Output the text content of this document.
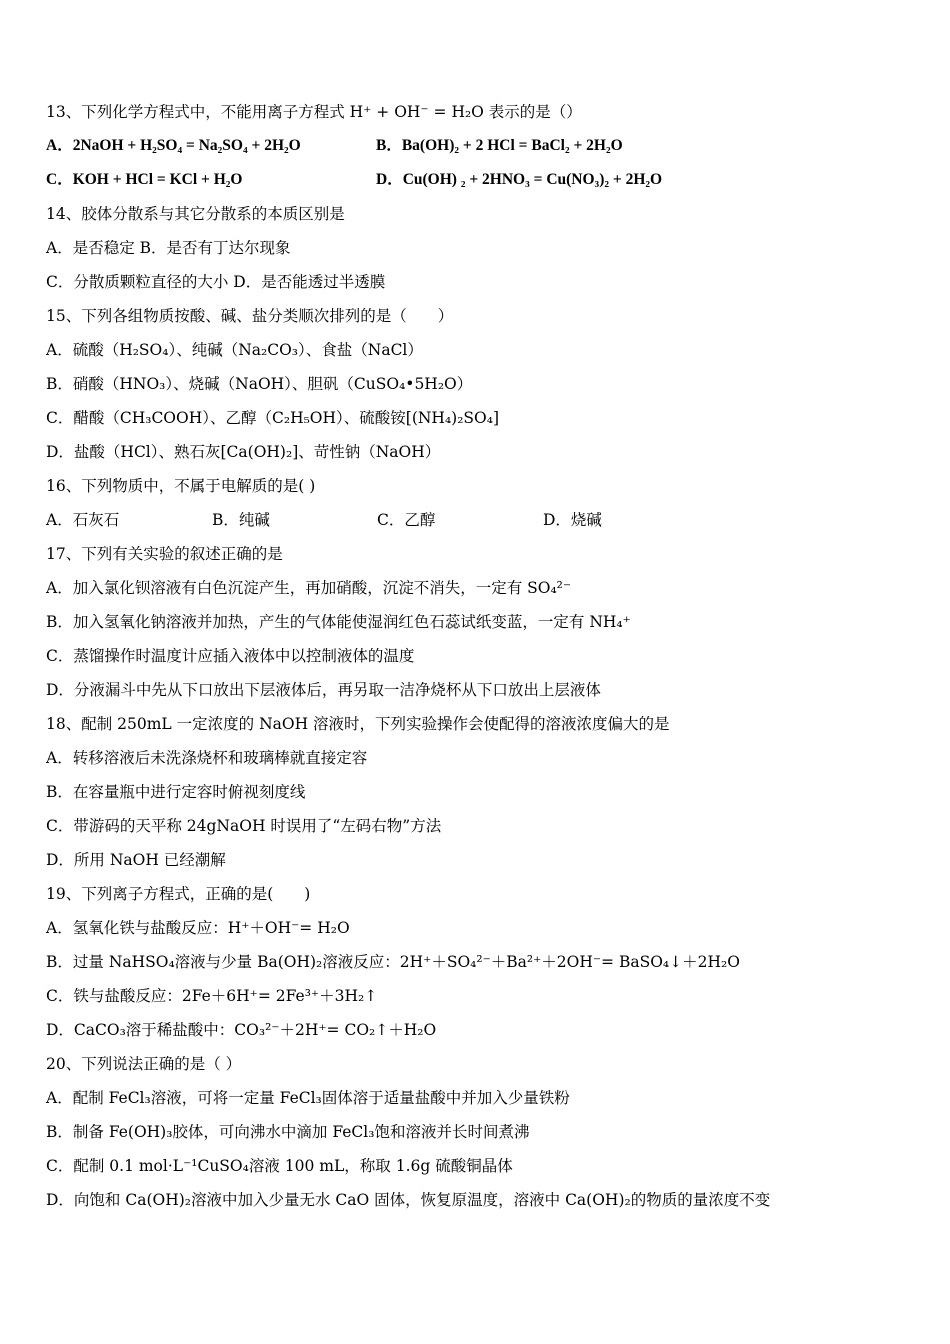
13、下列化学方程式中，不能用离子方程式 H⁺ + OH⁻ = H₂O 表示的是（）
A．2NaOH + H₂SO₄ = Na₂SO₄ + 2H₂O	B．Ba(OH)₂ + 2 HCl = BaCl₂ + 2H₂O
C．KOH + HCl = KCl + H₂O	D．Cu(OH) ₂ + 2HNO₃ = Cu(NO₃)₂ + 2H₂O
14、胶体分散系与其它分散系的本质区别是
A．是否稳定 B．是否有丁达尔现象
C．分散质颗粒直径的大小 D．是否能透过半透膜
15、下列各组物质按酸、碱、盐分类顺次排列的是（　　）
A．硫酸（H₂SO₄）、纯碱（Na₂CO₃）、食盐（NaCl）
B．硝酸（HNO₃）、烧碱（NaOH）、胆矾（CuSO₄•5H₂O）
C．醋酸（CH₃COOH）、乙醇（C₂H₅OH）、硫酸铵[(NH₄)₂SO₄]
D．盐酸（HCl）、熟石灰[Ca(OH)₂]、苛性钠（NaOH）
16、下列物质中，不属于电解质的是( )
A．石灰石	B．纯碱	C．乙醇	D．烧碱
17、下列有关实验的叙述正确的是
A．加入氯化钡溶液有白色沉淀产生，再加硝酸，沉淀不消失，一定有 SO₄²⁻
B．加入氢氧化钠溶液并加热，产生的气体能使湿润红色石蕊试纸变蓝，一定有 NH₄⁺
C．蒸馏操作时温度计应插入液体中以控制液体的温度
D．分液漏斗中先从下口放出下层液体后，再另取一洁净烧杯从下口放出上层液体
18、配制 250mL 一定浓度的 NaOH 溶液时，下列实验操作会使配得的溶液浓度偏大的是
A．转移溶液后未洗涤烧杯和玻璃棒就直接定容
B．在容量瓶中进行定容时俯视刻度线
C．带游码的天平称 24gNaOH 时误用了“左码右物”方法
D．所用 NaOH 已经潮解
19、下列离子方程式，正确的是(　　)
A．氢氧化铁与盐酸反应：H⁺＋OH⁻= H₂O
B．过量 NaHSO₄溶液与少量 Ba(OH)₂溶液反应：2H⁺＋SO₄²⁻＋Ba²⁺＋2OH⁻= BaSO₄↓＋2H₂O
C．铁与盐酸反应：2Fe＋6H⁺= 2Fe³⁺＋3H₂↑
D．CaCO₃溶于稀盐酸中：CO₃²⁻＋2H⁺= CO₂↑＋H₂O
20、下列说法正确的是（ ）
A．配制 FeCl₃溶液，可将一定量 FeCl₃固体溶于适量盐酸中并加入少量铁粉
B．制备 Fe(OH)₃胶体，可向沸水中滴加 FeCl₃饱和溶液并长时间煮沸
C．配制 0.1 mol·L⁻¹CuSO₄溶液 100 mL，称取 1.6g 硫酸铜晶体
D．向饱和 Ca(OH)₂溶液中加入少量无水 CaO 固体，恢复原温度，溶液中 Ca(OH)₂的物质的量浓度不变
